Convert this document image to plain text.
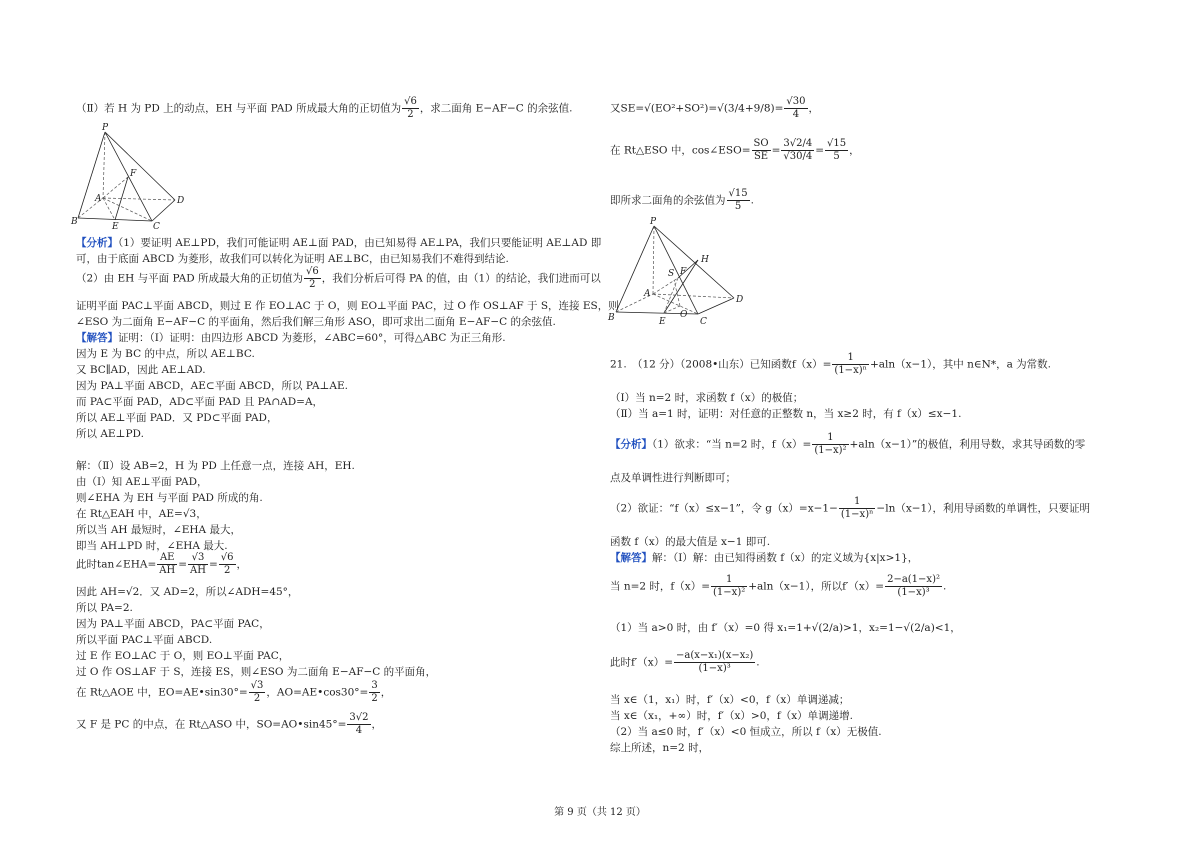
（Ⅱ）若 H 为 PD 上的动点，EH 与平面 PAD 所成最大角的正切值为 $\frac{√6}{2}$ ，求二面角 E−AF−C 的余弦值.
P
F
A	D
B	E	C
【分析】（1）要证明 AE⊥PD，我们可能证明 AE⊥面 PAD，由已知易得 AE⊥PA，我们只要能证明 AE⊥AD 即
可，由于底面 ABCD 为菱形，故我们可以转化为证明 AE⊥BC，由已知易我们不难得到结论.
（2）由 EH 与平面 PAD 所成最大角的正切值为 $\frac{√6}{2}$ ，我们分析后可得 PA 的值，由（1）的结论，我们进而可以
证明平面 PAC⊥平面 ABCD，则过 E 作 EO⊥AC 于 O，则 EO⊥平面 PAC，过 O 作 OS⊥AF 于 S，连接 ES，则
∠ESO 为二面角 E−AF−C 的平面角，然后我们解三角形 ASO，即可求出二面角 E−AF−C 的余弦值.
【解答】证明：（Ⅰ）证明：由四边形 ABCD 为菱形，∠ABC=60°，可得△ABC 为正三角形.
因为 E 为 BC 的中点，所以 AE⊥BC.
又 BC∥AD，因此 AE⊥AD.
因为 PA⊥平面 ABCD，AE⊂平面 ABCD，所以 PA⊥AE.
而 PA⊂平面 PAD，AD⊂平面 PAD 且 PA∩AD=A，
所以 AE⊥平面 PAD．又 PD⊂平面 PAD，
所以 AE⊥PD.
解：（Ⅱ）设 AB=2，H 为 PD 上任意一点，连接 AH，EH.
由（Ⅰ）知 AE⊥平面 PAD，
则∠EHA 为 EH 与平面 PAD 所成的角.
在 Rt△EAH 中，AE=√3，
所以当 AH 最短时，∠EHA 最大，
即当 AH⊥PD 时，∠EHA 最大.
此时tan∠EHA= $\frac{AE}{AH} = \frac{√3}{AH} = \frac{√6}{2}$ ，
因此 AH=√2．又 AD=2，所以∠ADH=45°，
所以 PA=2.
因为 PA⊥平面 ABCD，PA⊂平面 PAC，
所以平面 PAC⊥平面 ABCD.
过 E 作 EO⊥AC 于 O，则 EO⊥平面 PAC，
过 O 作 OS⊥AF 于 S，连接 ES，则∠ESO 为二面角 E−AF−C 的平面角，
在 Rt△AOE 中，EO=AE•sin30°= $\frac{√3}{2}$ ，AO=AE•cos30°= $\frac{3}{2}$ ，
又 F 是 PC 的中点，在 Rt△ASO 中，SO=AO•sin45°= $\frac{3√2}{4}$ ，
又$SE=√(EO^2+SO^2)=√(3/4+9/8)= \frac{√30}{4}$ ，
在 Rt△ESO 中，cos∠ESO= $\frac{SO}{SE} = \frac{3√2/4}{√30/4} = \frac{√15}{5}$ ，
即所求二面角的余弦值为 $\frac{√15}{5}$ .
P
H
S F
A
D
B	E
O
C
21.　（12 分）（2008•山东）已知函数$f(x)= \frac{1}{\text{(1−x)ⁿ}} +aln(x-1)$，其中 n∈N*，a 为常数.
（Ⅰ）当 n=2 时，求函数 f（x）的极值；
（Ⅱ）当 a=1 时，证明：对任意的正整数 n，当 x≥2 时，有 f（x）≤x−1.
【分析】（1）欲求：“当 n=2 时，$f(x)= \frac{1}{\text{(1−x)²}} +aln(x-1)$”的极值，利用导数，求其导函数的零
点及单调性进行判断即可；
（2）欲证：“f（x）≤x−1”，令 $g(x)=x-1- \frac{1}{\text{(1−x)ⁿ}} -\ln(x-1)$，利用导函数的单调性，只要证明
函数 f（x）的最大值是 x−1 即可.
【解答】解：（Ⅰ）解：由已知得函数 f（x）的定义域为{x|x>1}，
当 n=2 时，$f(x)= \frac{1}{\text{(1−x)²}} +aln(x-1)$，所以$f'(x)= \frac{\text{2−a(1−x)²}}{\text{(1−x)³}}$ .
（1）当 a>0 时，由 f′（x）=0 得 x₁=1+√(2/a)>1，x₂=1−√(2/a)<1，
此时$f'(x)= \frac{\text{−a(x−x₁)(x−x₂)}}{\text{(1−x)³}}$ .
当 x∈（1，x₁）时，f′（x）<0，f（x）单调递减；
当 x∈（x₁，+∞）时，f′（x）>0，f（x）单调递增.
（2）当 a≤0 时，f′（x）<0 恒成立，所以 f（x）无极值.
综上所述，n=2 时，
第 9 页（共 12 页）
